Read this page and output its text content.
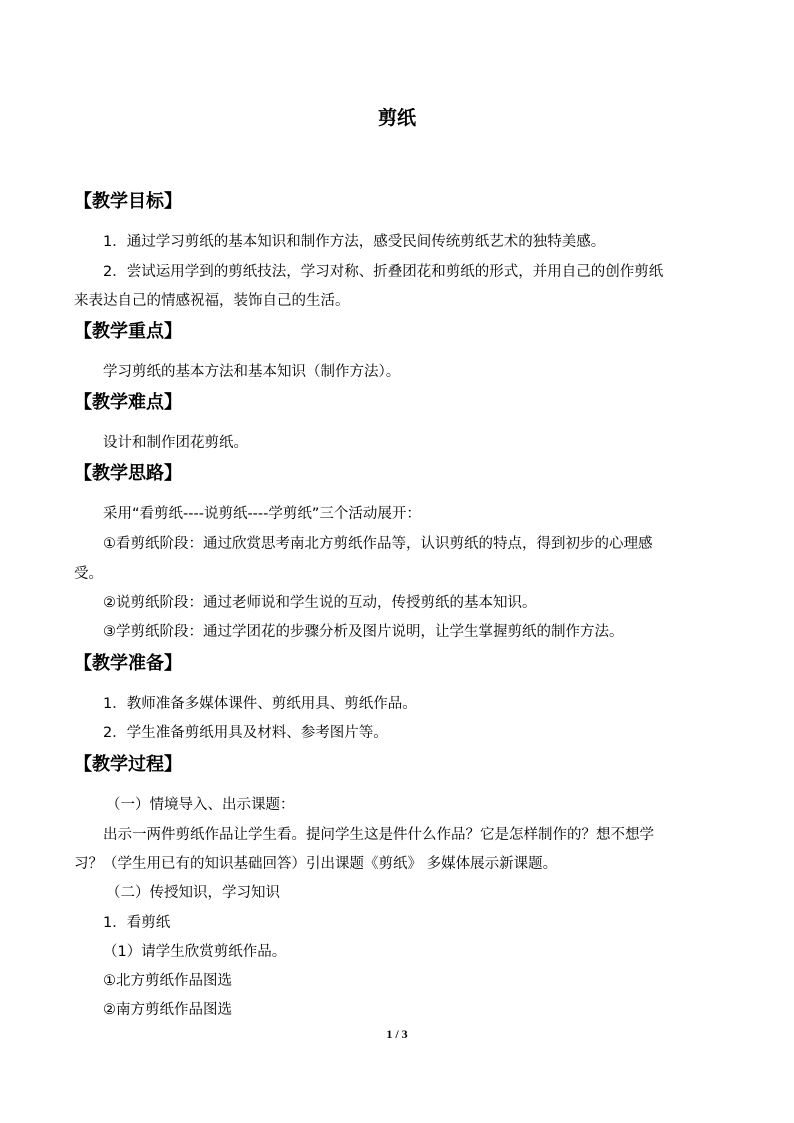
剪纸
【教学目标】
1．通过学习剪纸的基本知识和制作方法，感受民间传统剪纸艺术的独特美感。
2．尝试运用学到的剪纸技法，学习对称、折叠团花和剪纸的形式，并用自己的创作剪纸
来表达自己的情感祝福，装饰自己的生活。
【教学重点】
学习剪纸的基本方法和基本知识（制作方法）。
【教学难点】
设计和制作团花剪纸。
【教学思路】
采用“看剪纸----说剪纸----学剪纸”三个活动展开：
①看剪纸阶段：通过欣赏思考南北方剪纸作品等，认识剪纸的特点，得到初步的心理感
受。
②说剪纸阶段：通过老师说和学生说的互动，传授剪纸的基本知识。
③学剪纸阶段：通过学团花的步骤分析及图片说明，让学生掌握剪纸的制作方法。
【教学准备】
1．教师准备多媒体课件、剪纸用具、剪纸作品。
2．学生准备剪纸用具及材料、参考图片等。
【教学过程】
（一）情境导入、出示课题：
出示一两件剪纸作品让学生看。提问学生这是件什么作品？它是怎样制作的？想不想学
习？（学生用已有的知识基础回答）引出课题《剪纸》 多媒体展示新课题。
（二）传授知识，学习知识
1．看剪纸
（1）请学生欣赏剪纸作品。
①北方剪纸作品图选
②南方剪纸作品图选
1 / 3
